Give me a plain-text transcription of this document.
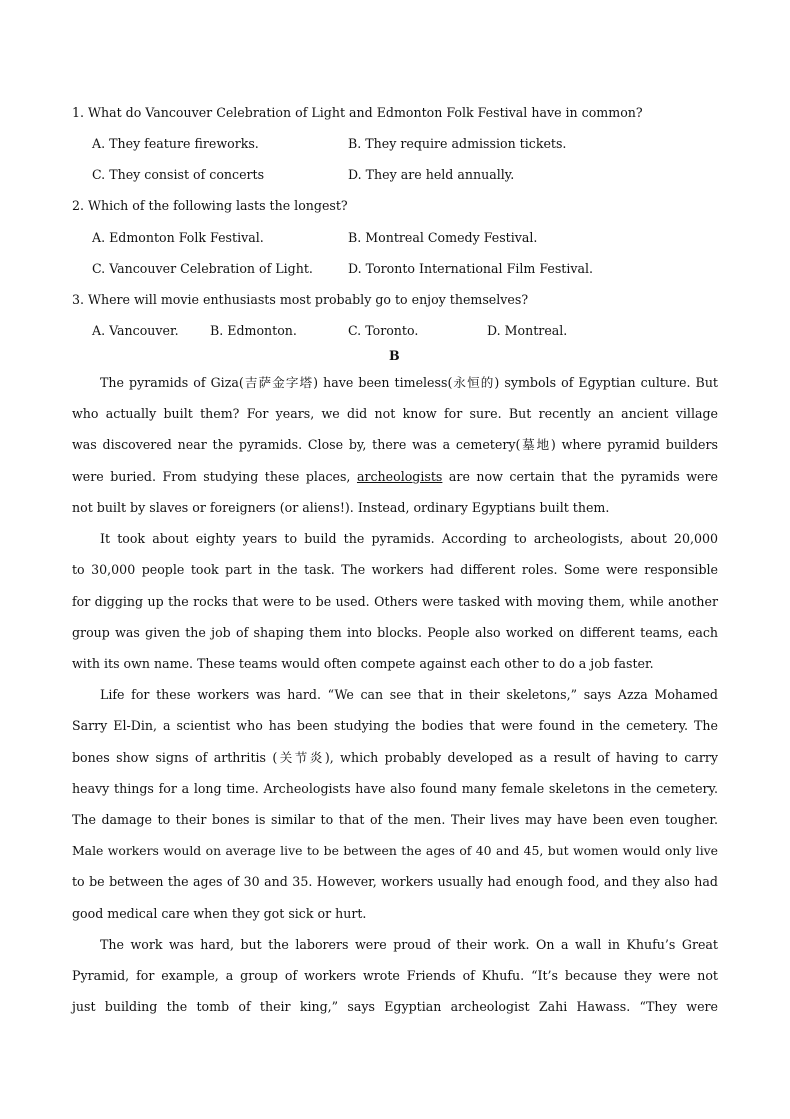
1. What do Vancouver Celebration of Light and Edmonton Folk Festival have in common?
A. They feature fireworks.	B. They require admission tickets.
C. They consist of concerts	D. They are held annually.
2. Which of the following lasts the longest?
A. Edmonton Folk Festival.	B. Montreal Comedy Festival.
C. Vancouver Celebration of Light.	D. Toronto International Film Festival.
3. Where will movie enthusiasts most probably go to enjoy themselves?
A. Vancouver. B. Edmonton.	C. Toronto.	D. Montreal.
B
The pyramids of Giza(吉萨金字塔) have been timeless(永恒的) symbols of Egyptian culture. But
who actually built them? For years, we did not know for sure. But recently an ancient village
was discovered near the pyramids. Close by, there was a cemetery(墓地) where pyramid builders
were buried. From studying these places, archeologists are now certain that the pyramids were
not built by slaves or foreigners (or aliens!). Instead, ordinary Egyptians built them.
It took about eighty years to build the pyramids. According to archeologists, about 20,000
to 30,000 people took part in the task. The workers had different roles. Some were responsible
for digging up the rocks that were to be used. Others were tasked with moving them, while another
group was given the job of shaping them into blocks. People also worked on different teams, each
with its own name. These teams would often compete against each other to do a job faster.
Life for these workers was hard. “We can see that in their skeletons,” says Azza Mohamed
Sarry El-Din, a scientist who has been studying the bodies that were found in the cemetery. The
bones show signs of arthritis (关节炎), which probably developed as a result of having to carry
heavy things for a long time. Archeologists have also found many female skeletons in the cemetery.
The damage to their bones is similar to that of the men. Their lives may have been even tougher.
Male workers would on average live to be between the ages of 40 and 45, but women would only live
to be between the ages of 30 and 35. However, workers usually had enough food, and they also had
good medical care when they got sick or hurt.
The work was hard, but the laborers were proud of their work. On a wall in Khufu’s Great
Pyramid, for example, a group of workers wrote Friends of Khufu. “It’s because they were not
just building the tomb of their king,” says Egyptian archeologist Zahi Hawass. “They were
